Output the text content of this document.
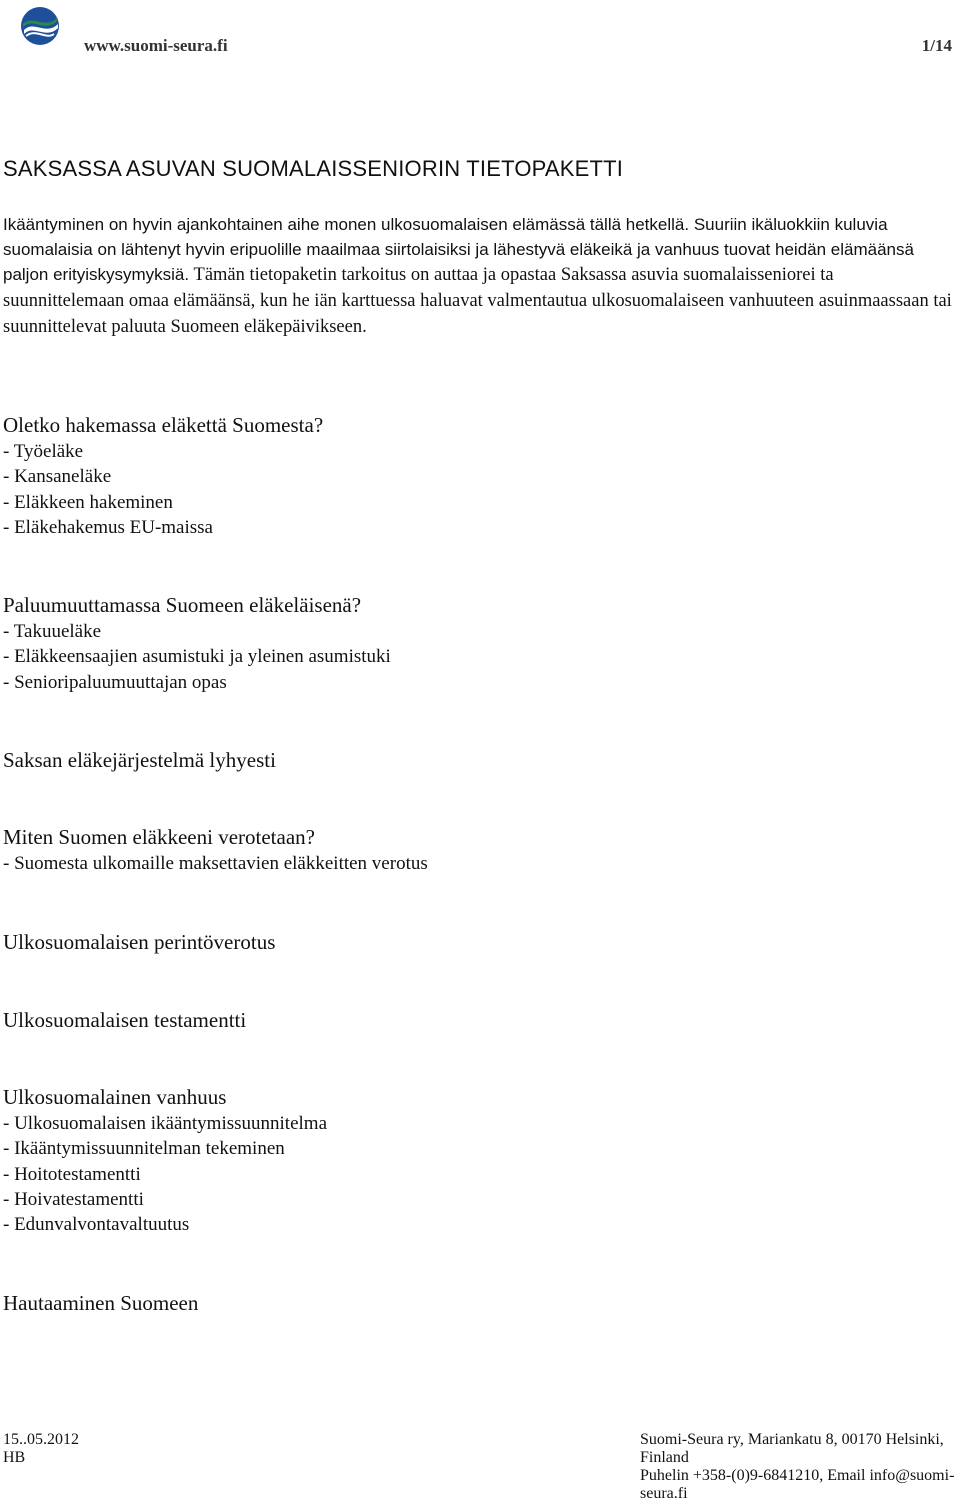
www.suomi-seura.fi	1/14
SAKSASSA ASUVAN SUOMALAISSENIORIN TIETOPAKETTI

Ikääntyminen on hyvin ajankohtainen aihe monen ulkosuomalaisen elämässä tällä hetkellä. Suuriin ikäluokkiin kuluvia suomalaisia on lähtenyt hyvin eripuolille maailmaa siirtolaisiksi ja lähestyvä eläkeikä ja vanhuus tuovat heidän elämäänsä paljon erityiskysymyksiä. Tämän tietopaketin tarkoitus on auttaa ja opastaa Saksassa asuvia suomalaisseniorei ta suunnittelemaan omaa elämäänsä, kun he iän karttuessa haluavat valmentautua ulkosuomalaiseen vanhuuteen asuinmaassaan tai suunnittelevat paluuta Suomeen eläkepäivikseen.

Oletko hakemassa eläkettä Suomesta?
- Työeläke
- Kansaneläke
- Eläkkeen hakeminen
- Eläkehakemus EU-maissa
Paluumuuttamassa Suomeen eläkeläisenä?
- Takuueläke
- Eläkkeensaajien asumistuki ja yleinen asumistuki
- Senioripaluumuuttajan opas
Saksan eläkejärjestelmä lyhyesti
Miten Suomen eläkkeeni verotetaan?
- Suomesta ulkomaille maksettavien eläkkeitten verotus
Ulkosuomalaisen perintöverotus
Ulkosuomalaisen testamentti
Ulkosuomalainen vanhuus
- Ulkosuomalaisen ikääntymissuunnitelma
- Ikääntymissuunnitelman tekeminen
- Hoitotestamentti
- Hoivatestamentti
- Edunvalvontavaltuutus
Hautaaminen Suomeen
15..05.2012
HB
Suomi-Seura ry, Mariankatu 8, 00170 Helsinki, Finland
Puhelin +358-(0)9-6841210, Email info@suomi-seura.fi
